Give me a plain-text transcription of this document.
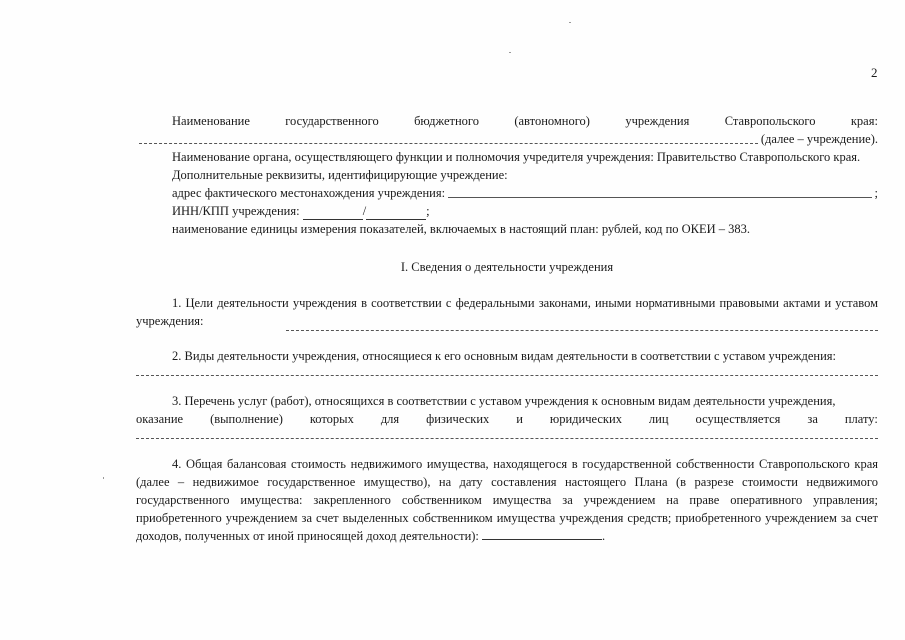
2
Наименование	государственного	бюджетного	(автономного)	учреждения	Ставропольского	края:
(далее – учреждение).

Наименование органа, осуществляющего функции и полномочия учредителя учреждения: Правительство Ставропольского края.

Дополнительные реквизиты, идентифицирующие учреждение:

адрес фактического местонахождения учреждения:	;
ИНН/КПП учреждения:
	/	;

наименование единицы измерения показателей, включаемых в настоящий план: рублей, код по ОКЕИ – 383.

I. Сведения о деятельности учреждения

1. Цели деятельности учреждения в соответствии с федеральными законами, иными нормативными правовыми актами и уставом учреждения:

2. Виды деятельности учреждения, относящиеся к его основным видам деятельности в соответствии с уставом учреждения:

3. Перечень услуг (работ), относящихся в соответствии с уставом учреждения к основным видам деятельности учреждения,

оказание (выполнение) которых для физических и юридических лиц осуществляется за плату:

4. Общая балансовая стоимость недвижимого имущества, находящегося в государственной собственности Ставропольского края (далее – недвижимое государственное имущество), на дату составления настоящего Плана (в разрезе стоимости недвижимого государственного имущества: закрепленного собственником имущества за учреждением на праве оперативного управления; приобретенного учреждением за счет выделенных собственником имущества учреждения средств; приобретенного учреждением за счет доходов, полученных от иной приносящей доход деятельности):	.
